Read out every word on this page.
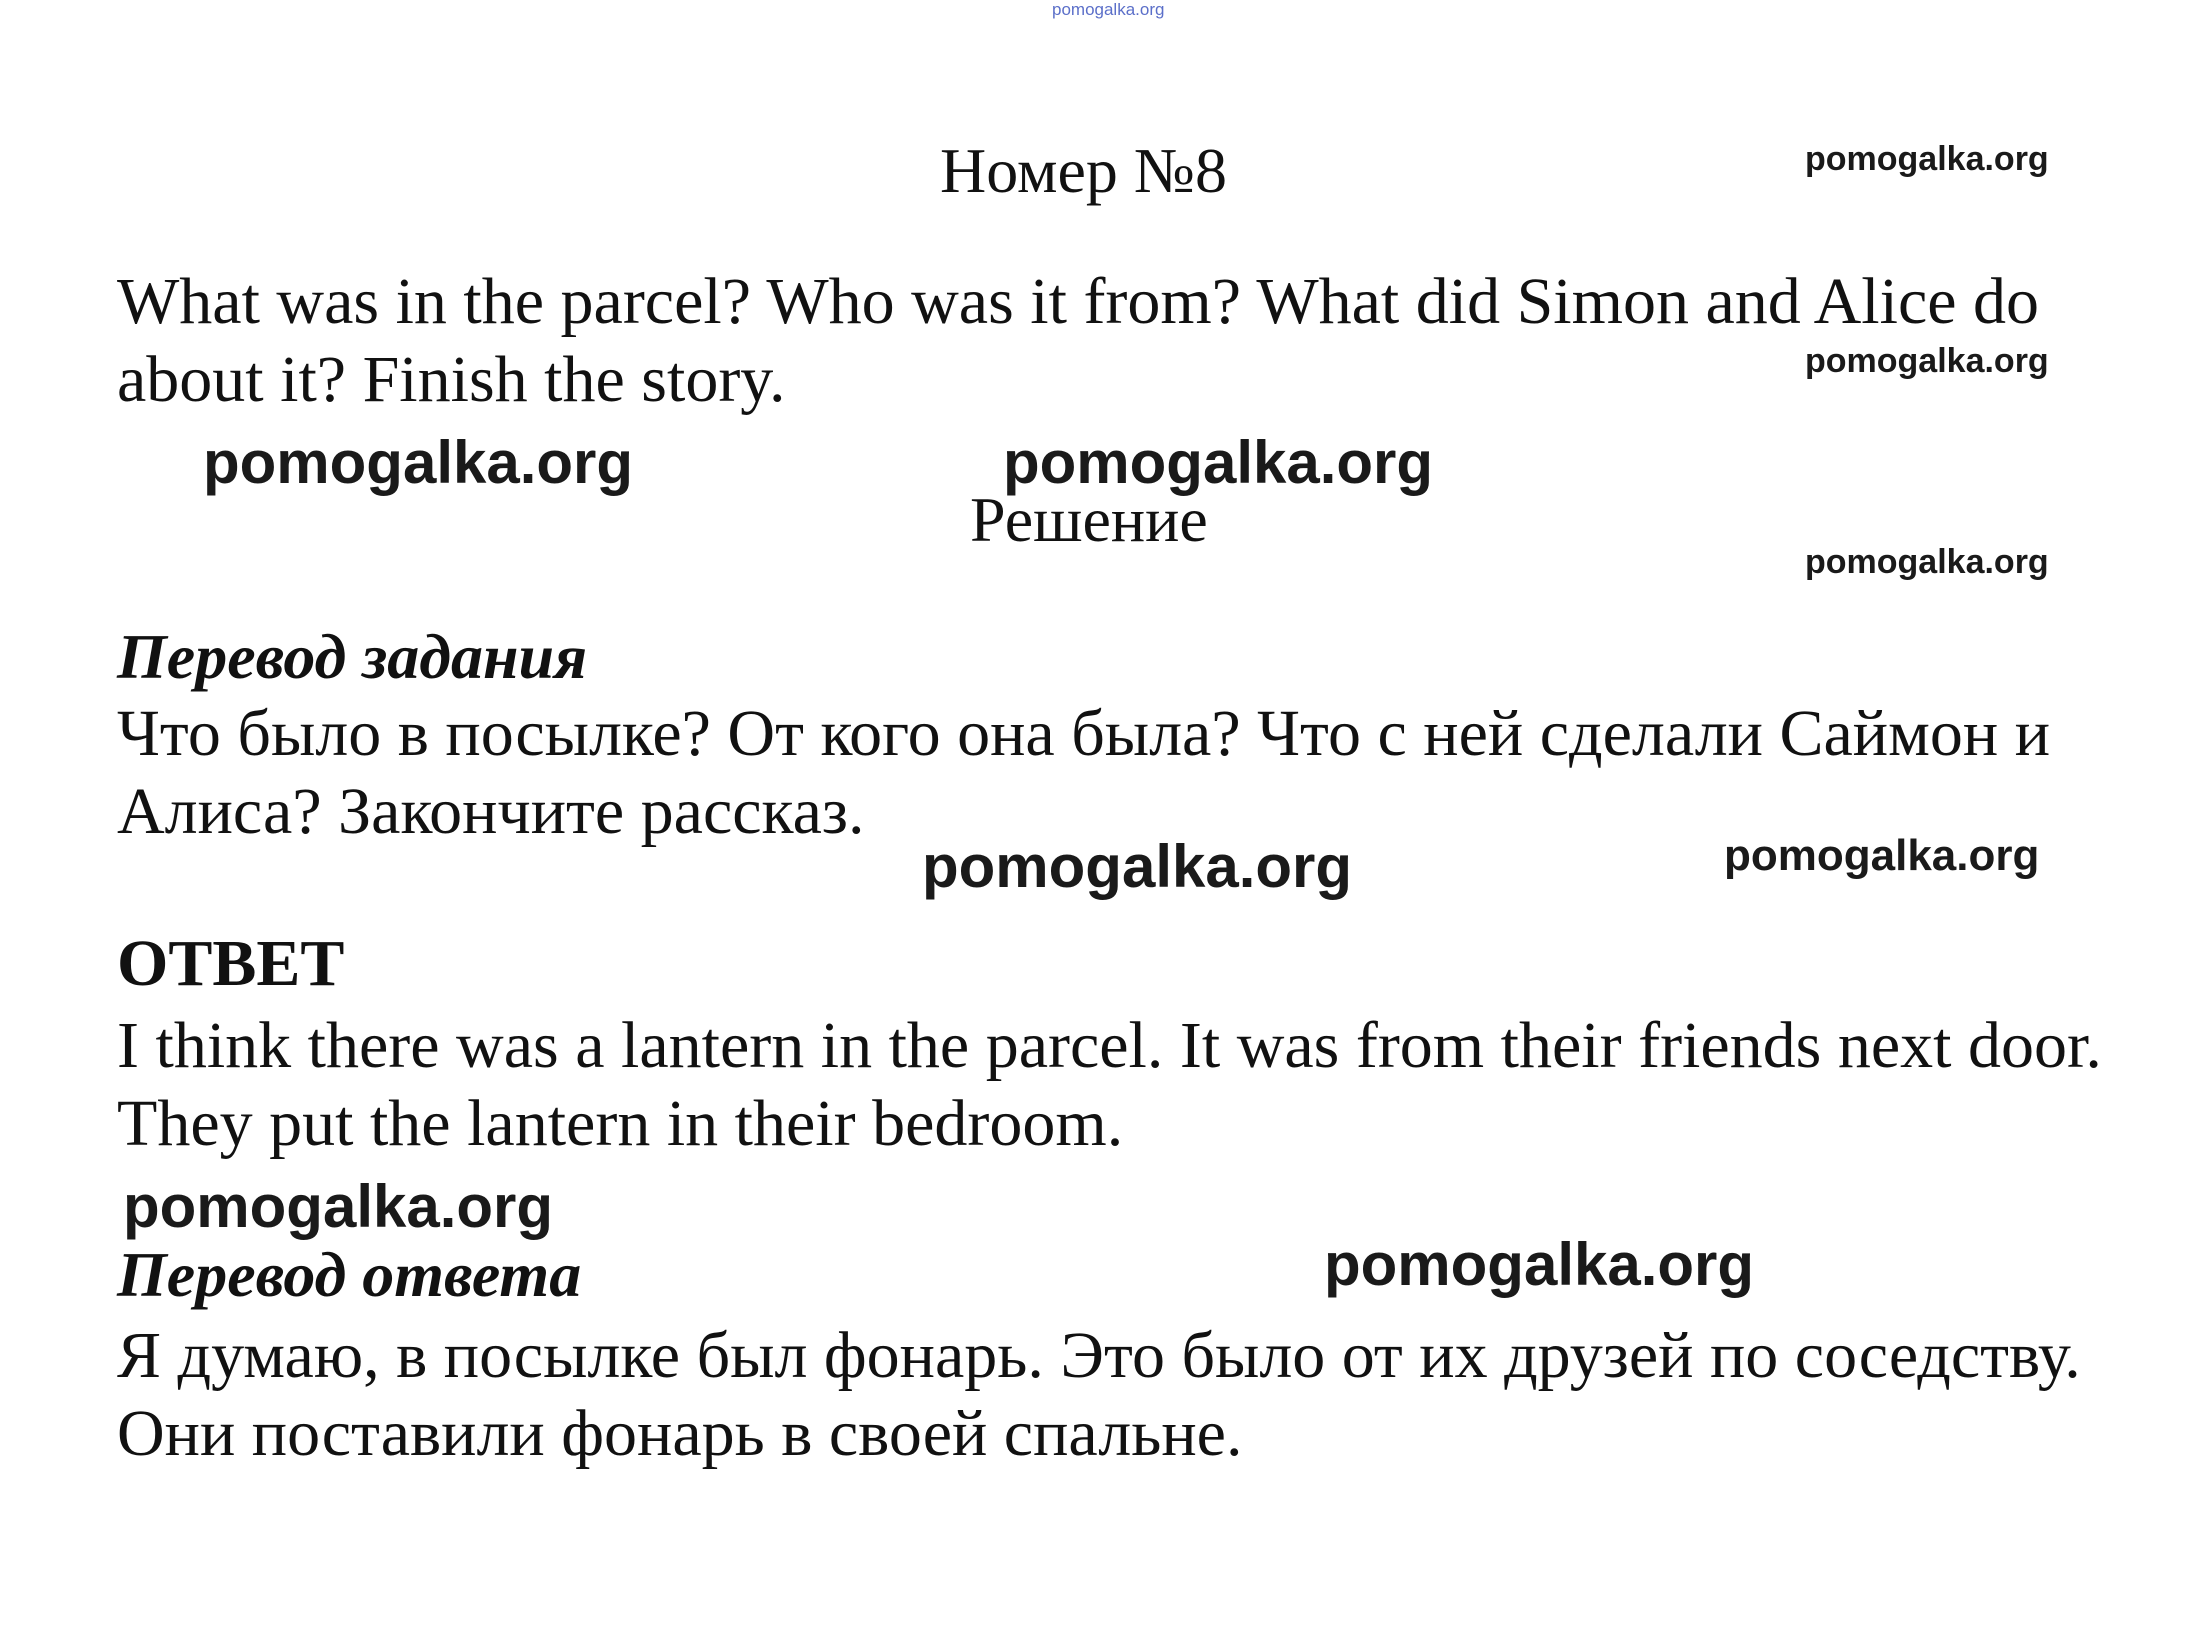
pomogalka.org
Номер №8	pomogalka.org
What was in the parcel? Who was it from? What did Simon and Alice do about it? Finish the story.	pomogalka.org
pomogalka.org	pomogalka.org
Решение
pomogalka.org
Перевод задания
Что было в посылке? От кого она была? Что с ней сделали Саймон и Алиса? Закончите рассказ.
pomogalka.org	pomogalka.org
ОТВЕТ
I think there was a lantern in the parcel. It was from their friends next door. They put the lantern in their bedroom.
pomogalka.org
Перевод ответа	pomogalka.org
Я думаю, в посылке был фонарь. Это было от их друзей по соседству. Они поставили фонарь в своей спальне.
